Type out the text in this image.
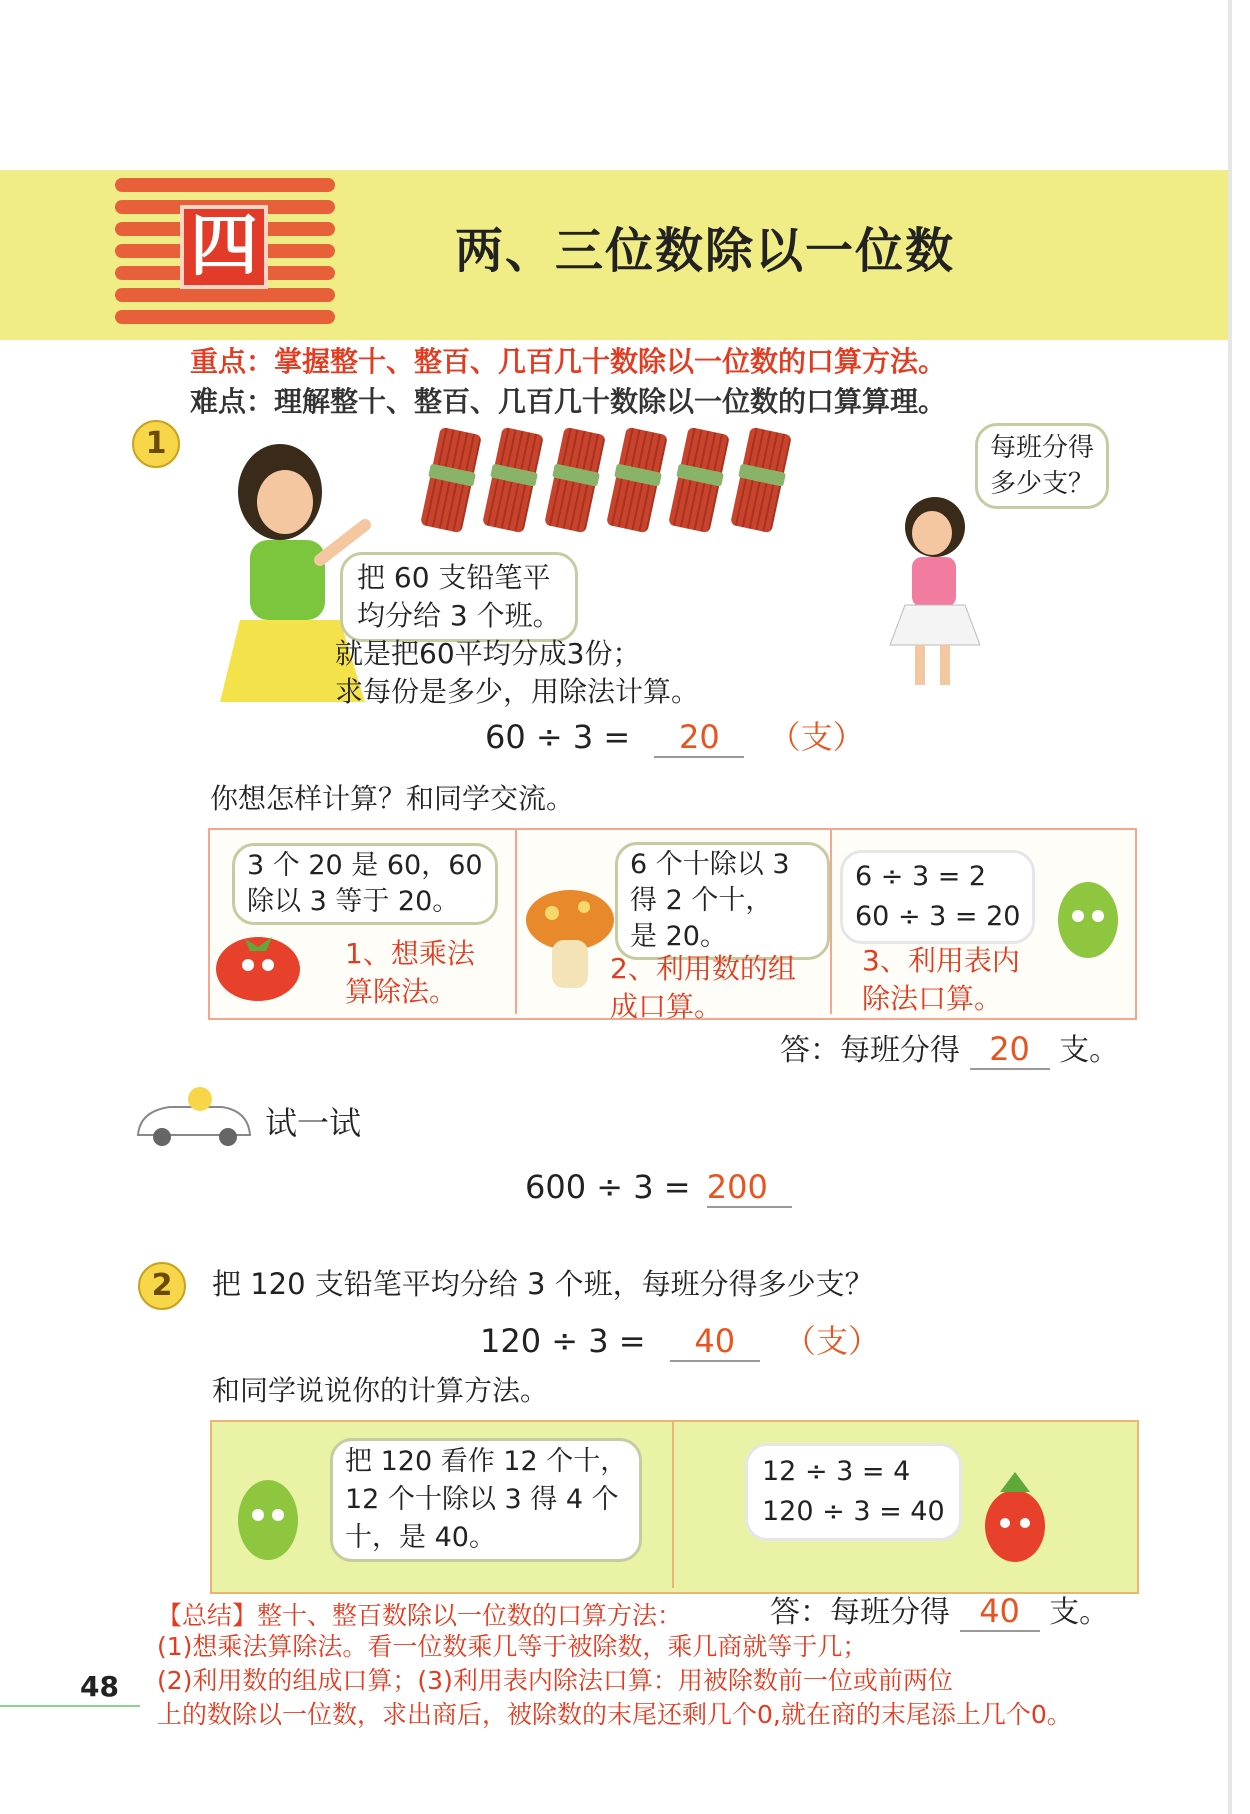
四	两、三位数除以一位数
重点：掌握整十、整百、几百几十数除以一位数的口算方法。
难点：理解整十、整百、几百几十数除以一位数的口算算理。
1	每班分得
多少支？
把 60 支铅笔平
均分给 3 个班。
就是把60平均分成3份；
求每份是多少，用除法计算。
60 ÷ 3 = 20 （支）
你想怎样计算？和同学交流。
3 个 20 是 60，60
除以 3 等于 20。
1、想乘法
算除法。
6 个十除以 3
得 2 个十，
是 20。
2、利用数的组
成口算。
6 ÷ 3 = 2
60 ÷ 3 = 20
3、利用表内
除法口算。
答：每班分得 20 支。
试一试
600 ÷ 3 = 200
2	把 120 支铅笔平均分给 3 个班，每班分得多少支？
120 ÷ 3 = 40 （支）
和同学说说你的计算方法。
把 120 看作 12 个十，
12 个十除以 3 得 4 个
十，是 40。
12 ÷ 3 = 4
120 ÷ 3 = 40
答：每班分得 40 支。
【总结】整十、整百数除以一位数的口算方法：
(1)想乘法算除法。看一位数乘几等于被除数，乘几商就等于几；
(2)利用数的组成口算；(3)利用表内除法口算：用被除数前一位或前两位
上的数除以一位数，求出商后，被除数的末尾还剩几个0,就在商的末尾添上几个0。
48
